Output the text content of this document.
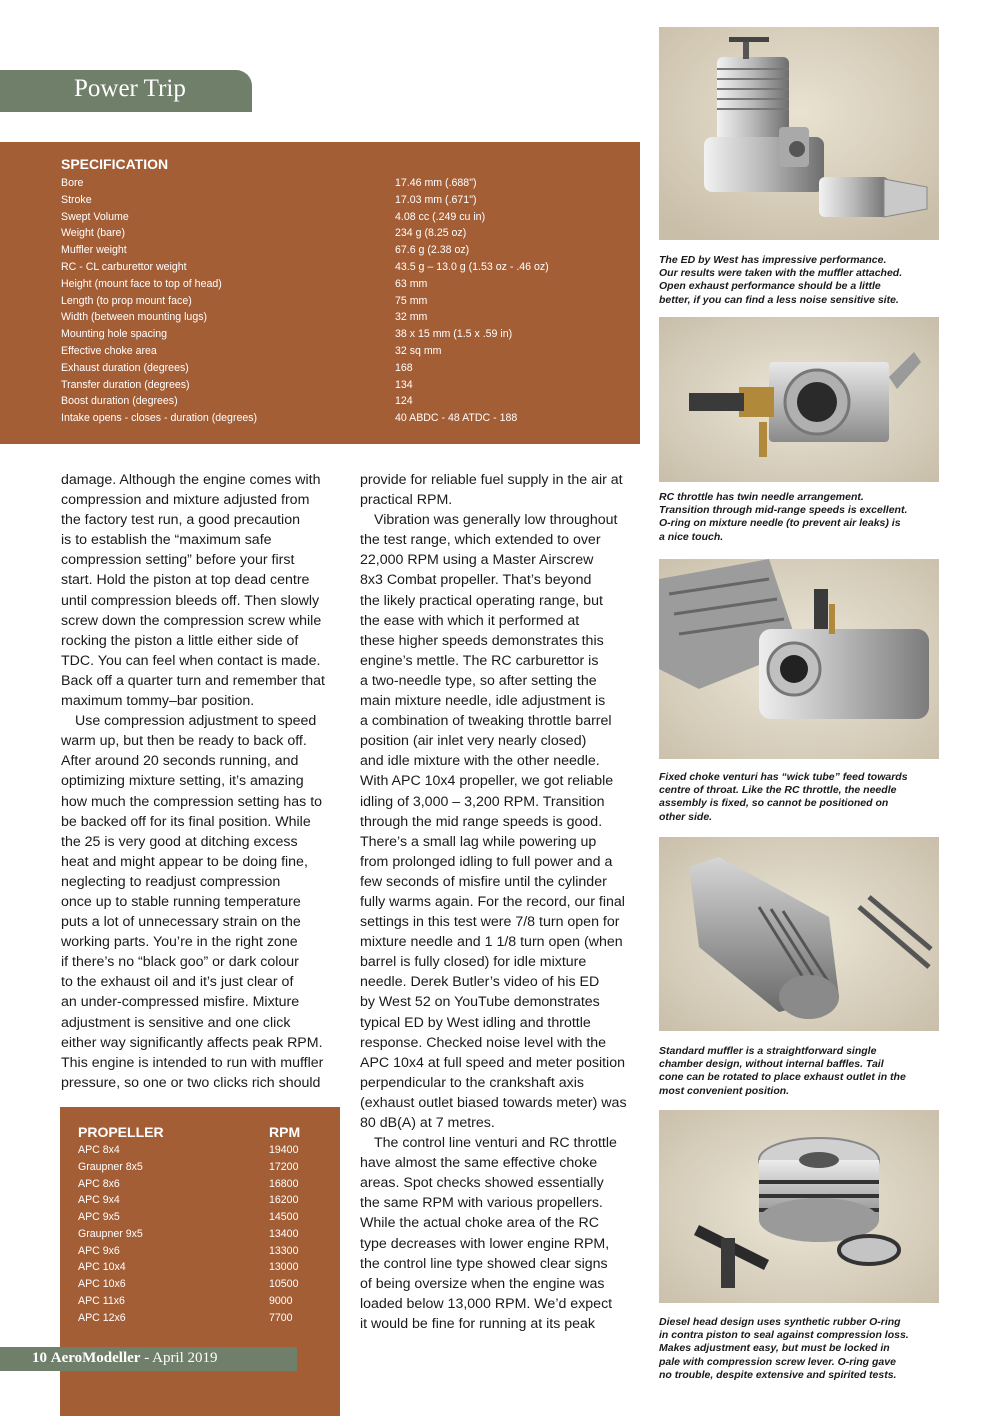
Power Trip
SPECIFICATION
Bore	17.46 mm (.688")
Stroke	17.03 mm (.671")
Swept Volume	4.08 cc (.249 cu in)
Weight (bare)	234 g (8.25 oz)
Muffler weight	67.6 g (2.38 oz)
RC - CL carburettor weight	43.5 g – 13.0 g (1.53 oz - .46 oz)
Height (mount face to top of head)	63 mm
Length (to prop mount face)	75 mm
Width (between mounting lugs)	32 mm
Mounting hole spacing	38 x 15 mm (1.5 x .59 in)
Effective choke area	32 sq mm
Exhaust duration (degrees)	168
Transfer duration (degrees)	134
Boost duration (degrees)	124
Intake opens - closes - duration (degrees)	40 ABDC - 48 ATDC - 188

damage. Although the engine comes with

compression and mixture adjusted from

the factory test run, a good precaution

is to establish the “maximum safe

compression setting” before your first

start. Hold the piston at top dead centre

until compression bleeds off. Then slowly

screw down the compression screw while

rocking the piston a little either side of

TDC. You can feel when contact is made.

Back off a quarter turn and remember that

maximum tommy–bar position.

Use compression adjustment to speed

warm up, but then be ready to back off.

After around 20 seconds running, and

optimizing mixture setting, it’s amazing

how much the compression setting has to

be backed off for its final position. While

the 25 is very good at ditching excess

heat and might appear to be doing fine,

neglecting to readjust compression

once up to stable running temperature

puts a lot of unnecessary strain on the

working parts. You’re in the right zone

if there’s no “black goo” or dark colour

to the exhaust oil and it’s just clear of

an under-compressed misfire. Mixture

adjustment is sensitive and one click

either way significantly affects peak RPM.

This engine is intended to run with muffler

pressure, so one or two clicks rich should

provide for reliable fuel supply in the air at

practical RPM.

Vibration was generally low throughout

the test range, which extended to over

22,000 RPM using a Master Airscrew

8x3 Combat propeller. That’s beyond

the likely practical operating range, but

the ease with which it performed at

these higher speeds demonstrates this

engine’s mettle. The RC carburettor is

a two-needle type, so after setting the

main mixture needle, idle adjustment is

a combination of tweaking throttle barrel

position (air inlet very nearly closed)

and idle mixture with the other needle.

With APC 10x4 propeller, we got reliable

idling of 3,000 – 3,200 RPM. Transition

through the mid range speeds is good.

There’s a small lag while powering up

from prolonged idling to full power and a

few seconds of misfire until the cylinder

fully warms again. For the record, our final

settings in this test were 7/8 turn open for

mixture needle and 1 1/8 turn open (when

barrel is fully closed) for idle mixture

needle. Derek Butler’s video of his ED

by West 52 on YouTube demonstrates

typical ED by West idling and throttle

response. Checked noise level with the

APC 10x4 at full speed and meter position

perpendicular to the crankshaft axis

(exhaust outlet biased towards meter) was

80 dB(A) at 7 metres.

The control line venturi and RC throttle

have almost the same effective choke

areas. Spot checks showed essentially

the same RPM with various propellers.

While the actual choke area of the RC

type decreases with lower engine RPM,

the control line type showed clear signs

of being oversize when the engine was

loaded below 13,000 RPM. We’d expect

it would be fine for running at its peak

PROPELLER	RPM
APC 8x4	19400
Graupner 8x5	17200
APC 8x6	16800
APC 9x4	16200
APC 9x5	14500
Graupner 9x5	13400
APC 9x6	13300
APC 10x4	13000
APC 10x6	10500
APC 11x6	9000
APC 12x6	7700
10 AeroModeller - April 2019
The ED by West has impressive performance.
Our results were taken with the muffler attached.
Open exhaust performance should be a little
better, if you can find a less noise sensitive site.
RC throttle has twin needle arrangement.
Transition through mid-range speeds is excellent.
O-ring on mixture needle (to prevent air leaks) is
a nice touch.
Fixed choke venturi has “wick tube” feed towards
centre of throat. Like the RC throttle, the needle
assembly is fixed, so cannot be positioned on
other side.
Standard muffler is a straightforward single
chamber design, without internal baffles. Tail
cone can be rotated to place exhaust outlet in the
most convenient position.
Diesel head design uses synthetic rubber O-ring
in contra piston to seal against compression loss.
Makes adjustment easy, but must be locked in
pale with compression screw lever. O-ring gave
no trouble, despite extensive and spirited tests.
